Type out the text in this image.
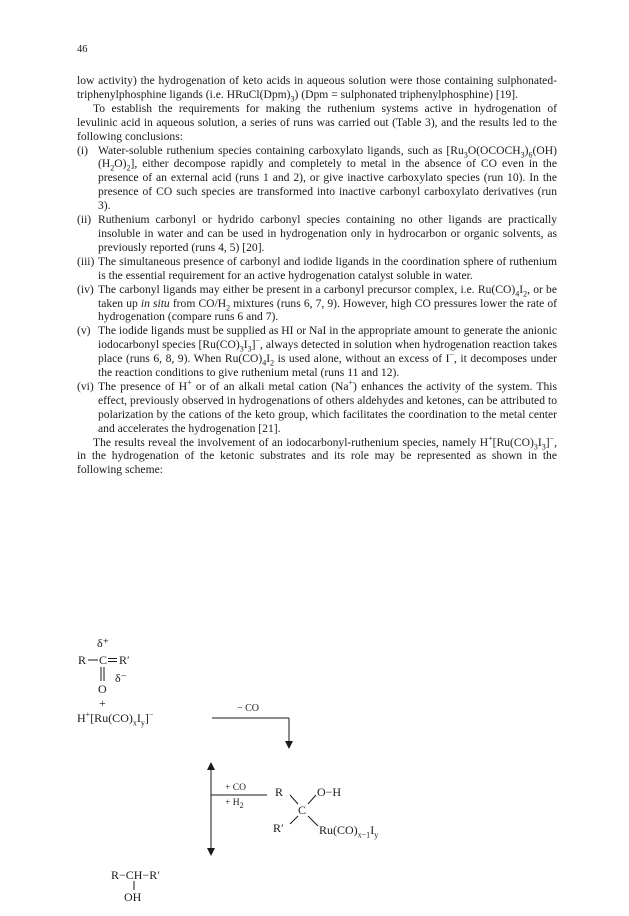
46

low activity) the hydrogenation of keto acids in aqueous solution were those containing sulphonated-triphenylphosphine ligands (i.e. $HRuCl(Dpm)_3$) (Dpm = sulphonated triphenylphosphine) [19].

To establish the requirements for making the ruthenium systems active in hydrogenation of levulinic acid in aqueous solution, a series of runs was carried out (Table 3), and the results led to the following conclusions:

(i) Water-soluble ruthenium species containing carboxylato ligands, such as $[Ru_3O(OCOCH_3)_6(OH)(H_2O)_2]$, either decompose rapidly and completely to metal in the absence of CO even in the presence of an external acid (runs 1 and 2), or give inactive carboxylato species (run 10). In the presence of CO such species are transformed into inactive carbonyl carboxylato derivatives (run 3).
(ii) Ruthenium carbonyl or hydrido carbonyl species containing no other ligands are practically insoluble in water and can be used in hydrogenation only in hydrocarbon or organic solvents, as previously reported (runs 4, 5) [20].
(iii) The simultaneous presence of carbonyl and iodide ligands in the coordination sphere of ruthenium is the essential requirement for an active hydrogenation catalyst soluble in water.
(iv) The carbonyl ligands may either be present in a carbonyl precursor complex, i.e. $Ru(CO)_4I_2$, or be taken up in situ from $CO/H_2$ mixtures (runs 6, 7, 9). However, high CO pressures lower the rate of hydrogenation (compare runs 6 and 7).
(v) The iodide ligands must be supplied as HI or NaI in the appropriate amount to generate the anionic iodocarbonyl species $[Ru(CO)_3I_3]^-$, always detected in solution when hydrogenation reaction takes place (runs 6, 8, 9). When $Ru(CO)_4I_2$ is used alone, without an excess of I−, it decomposes under the reaction conditions to give ruthenium metal (runs 11 and 12).
(vi) The presence of H+ or of an alkali metal cation (Na+) enhances the activity of the system. This effect, previously observed in hydrogenations of others aldehydes and ketones, can be attributed to polarization by the cations of the keto group, which facilitates the coordination to the metal center and accelerates the hydrogenation [21].

The results reveal the involvement of an iodocarbonyl-ruthenium species, namely $H^+[Ru(CO)_3I_3]^-$, in the hydrogenation of the ketonic substrates and its role may be represented as shown in the following scheme:

δ⁺
R C R′
δ⁻
O
+
$H^+[Ru(CO)_xI_y]^-$
− CO
+ CO
+ $H_2$
R	O−H
C
R′	$Ru(CO)_{x-1}I_y$
R−CH−R′
OH
